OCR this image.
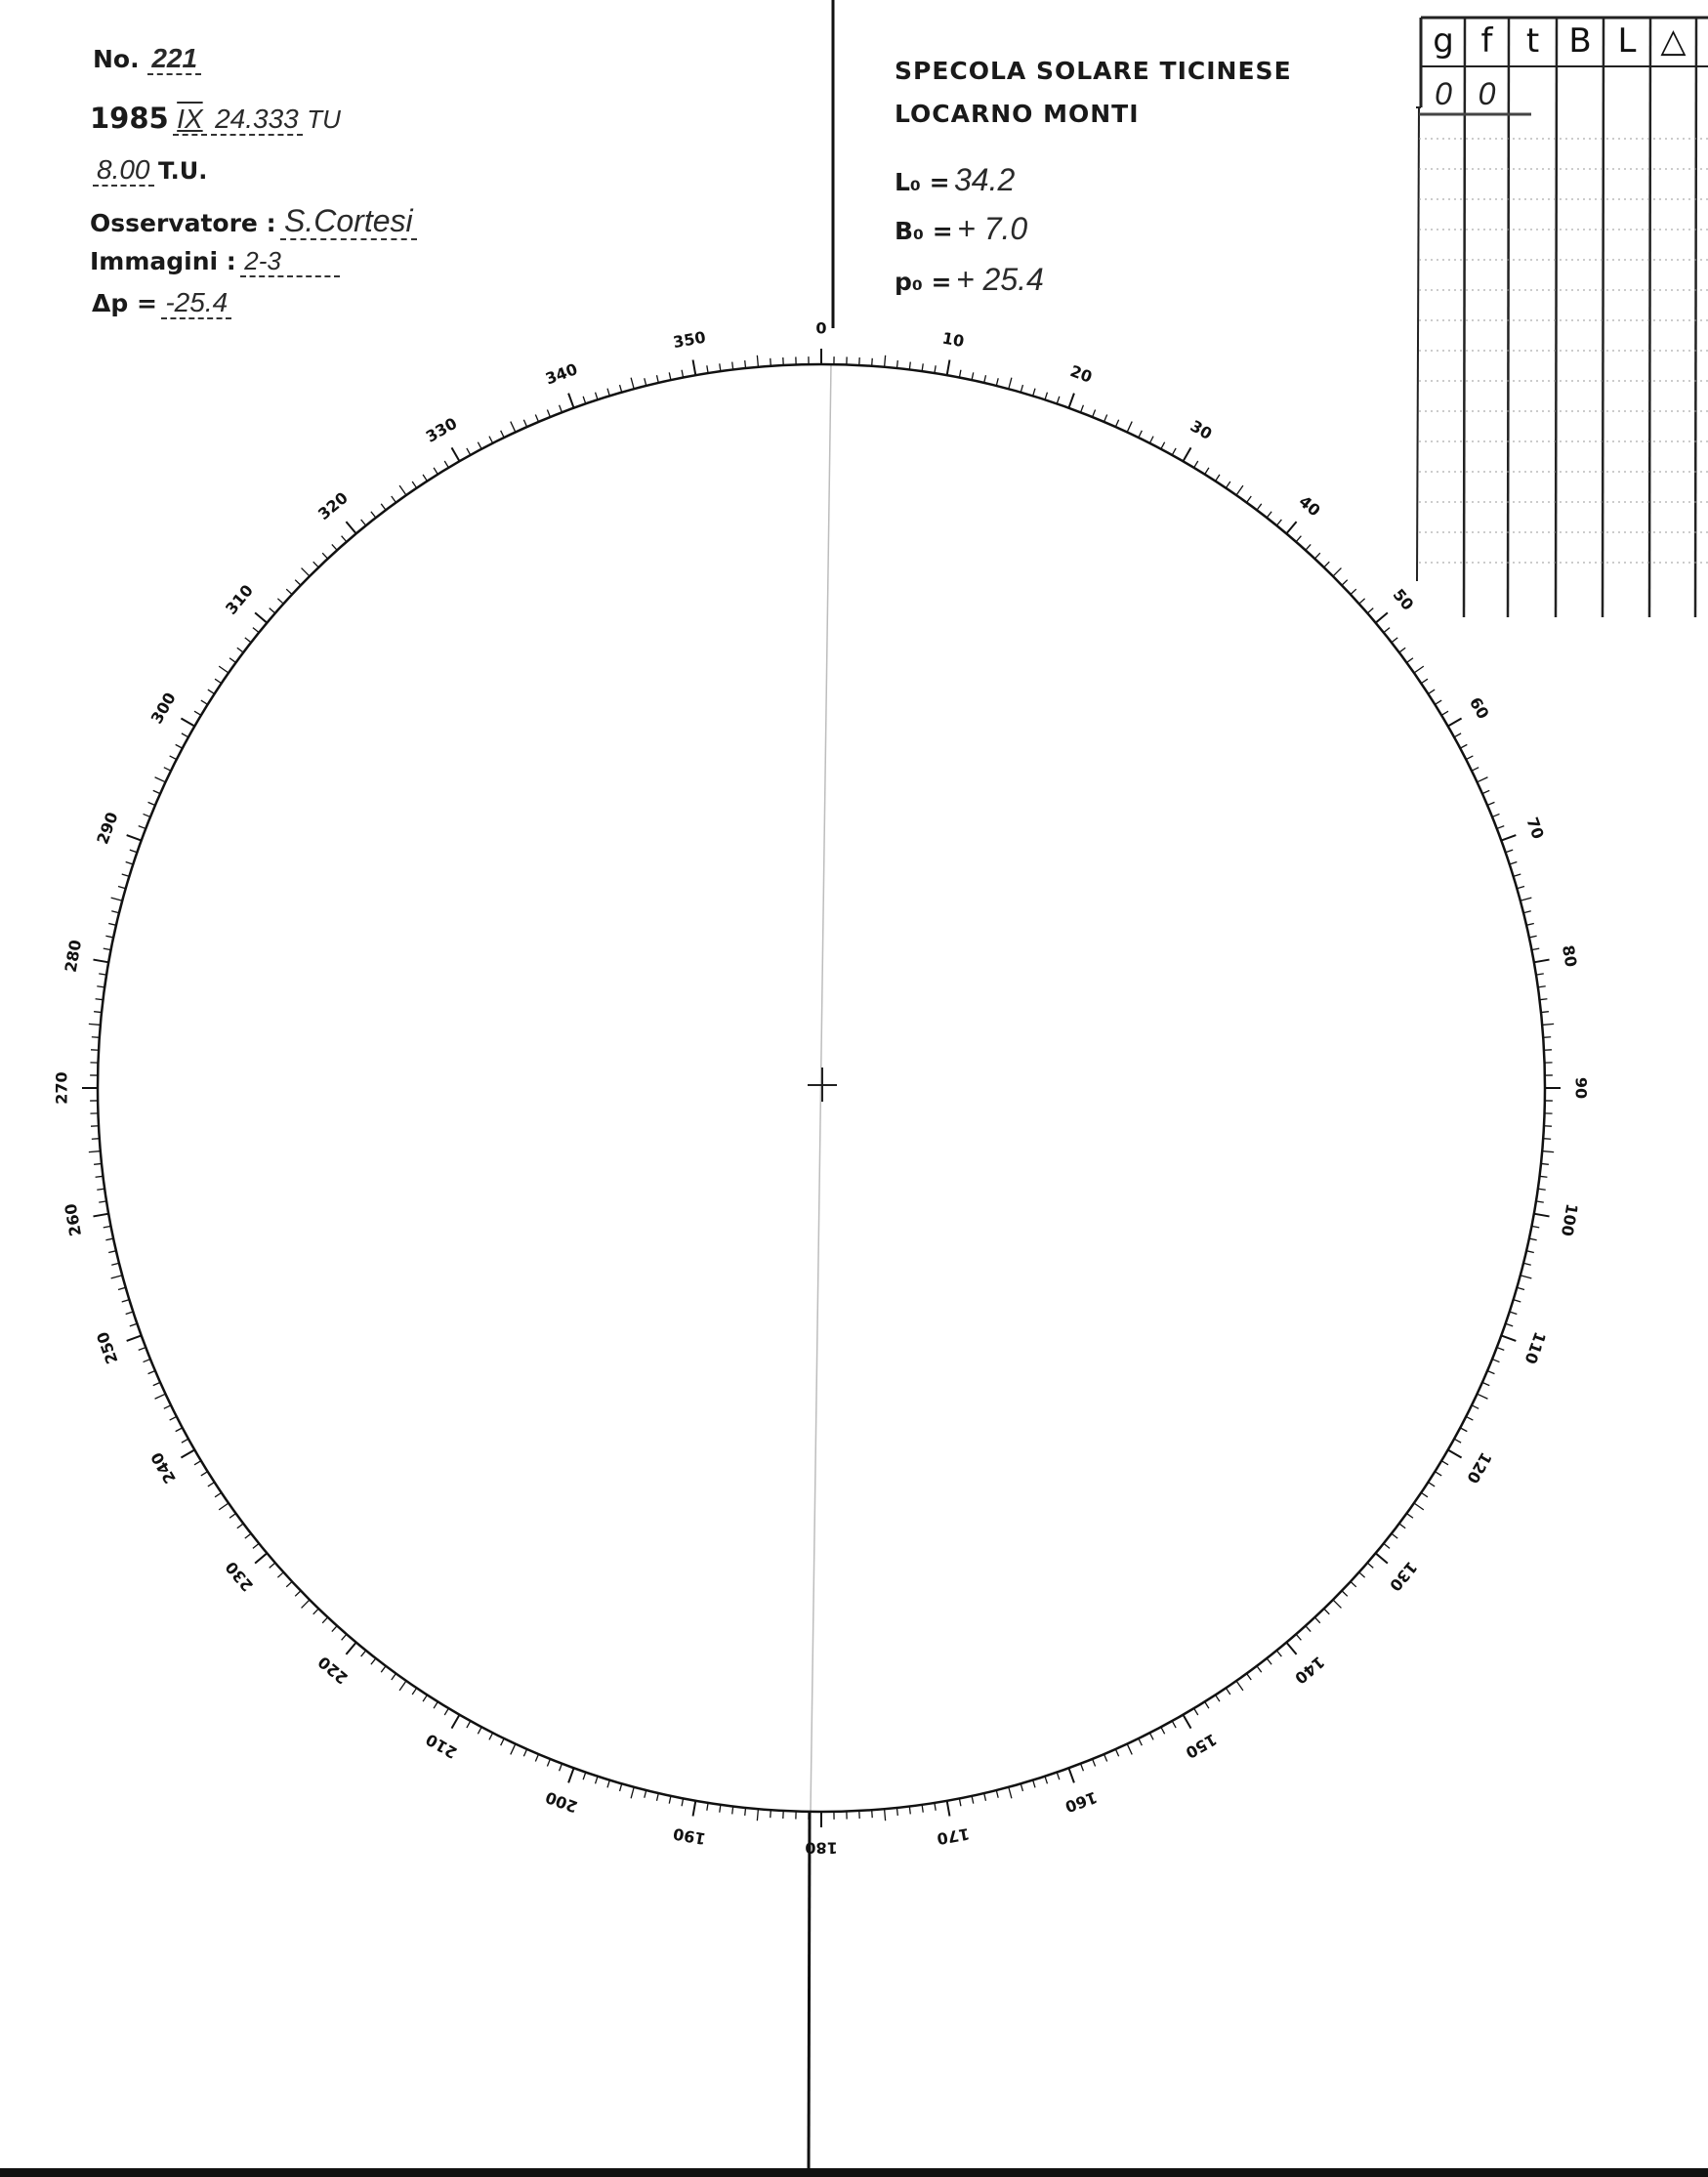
0
10
20
30
40
50
60
70
80
90
100
110
120
130
140
150
160
170
180
190
200
210
220
230
240
250
260
270
280
290
300
310
320
330
340
350
No. 221
1985 IX 24.333 TU
8.00 T.U.
Osservatore : S.Cortesi
Immagini : 2-3
Δp = -25.4
SPECOLA SOLARE TICINESE
LOCARNO MONTI
L₀ = 34.2
B₀ = + 7.0
p₀ = + 25.4
g f	t B L △
0 0
